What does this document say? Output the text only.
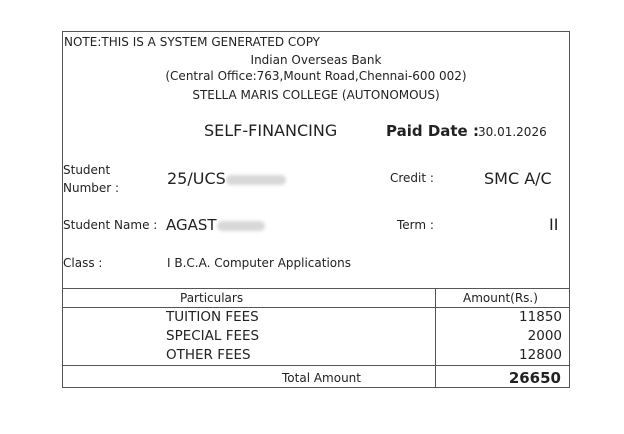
NOTE:THIS IS A SYSTEM GENERATED COPY
Indian Overseas Bank
(Central Office:763,Mount Road,Chennai-600 002)
STELLA MARIS COLLEGE (AUTONOMOUS)
SELF-FINANCING	Paid Date : 30.01.2026
Student
Number :	25/UCS	Credit :	SMC A/C
Student Name : AGAST	Term :	II
Class :	I B.C.A. Computer Applications
Particulars	Amount(Rs.)
TUITION FEES	11850
SPECIAL FEES	2000
OTHER FEES	12800
Total Amount	26650
